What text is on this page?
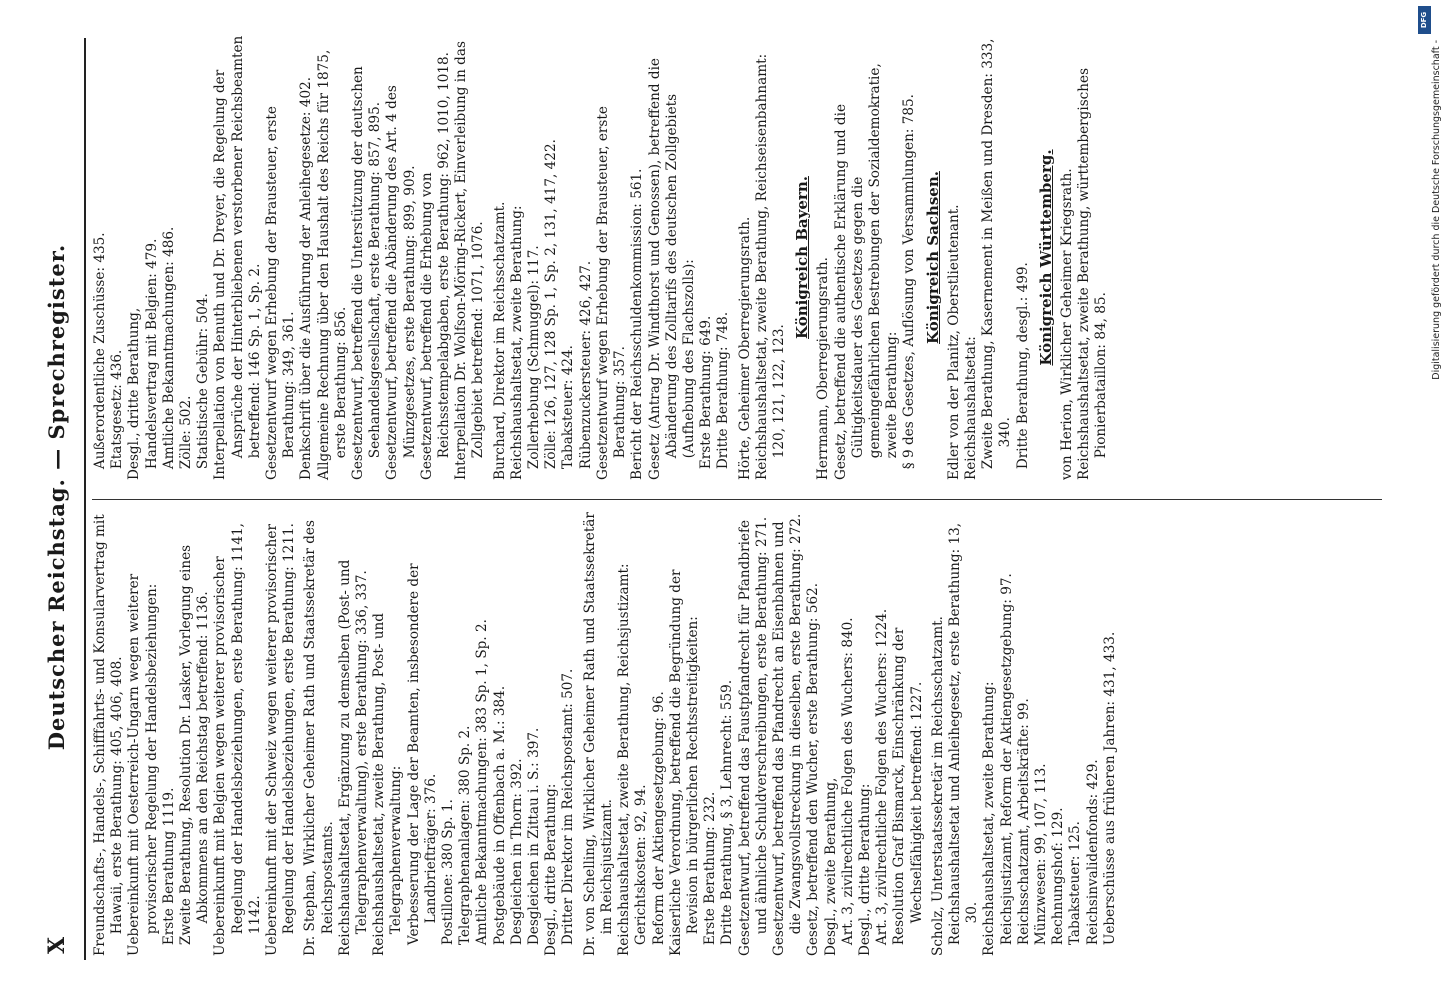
X
Deutscher Reichstag. — Sprechregister. Freundschafts-, Handels-, Schifffahrts- und Konsularvertrag mit Hawaii, erste Berathung: 405, 406, 408. Uebereinkunft mit Oesterreich-Ungarn wegen weiterer provisorischer Regelung der Handelsbeziehungen: Erste Berathung 1119. Zweite Berathung, Resolution Dr. Lasker, Vorlegung eines Abkommens an den Reichstag betreffend: 1136. Uebereinkunft mit Belgien wegen weiterer provisorischer Regelung der Handelsbeziehungen, erste Berathung: 1141, 1142. Uebereinkunft mit der Schweiz wegen weiterer provisorischer Regelung der Handelsbeziehungen, erste Berathung: 1211. Dr. Stephan, Wirklicher Geheimer Rath und Staatssekretär des Reichspostamts. Reichshaushaltsetat, Ergänzung zu demselben (Post- und Telegraphenverwaltung), erste Berathung: 336, 337. Reichshaushaltsetat, zweite Berathung, Post- und Telegraphenverwaltung: Verbesserung der Lage der Beamten, insbesondere der Landbriefträger: 376. Postillone: 380 Sp. 1. Telegraphenanlagen: 380 Sp. 2. Amtliche Bekanntmachungen: 383 Sp. 1, Sp. 2. Postgebäude in Offenbach a. M.: 384. Desgleichen in Thorn: 392. Desgleichen in Zittau i. S.: 397. Desgl., dritte Berathung: Dritter Direktor im Reichspostamt: 507. Dr. von Schelling, Wirklicher Geheimer Rath und Staatssekretär im Reichsjustizamt. Reichshaushaltsetat, zweite Berathung, Reichsjustizamt: Gerichtskosten: 92, 94. Reform der Aktiengesetzgebung: 96. Kaiserliche Verordnung, betreffend die Begründung der Revision in bürgerlichen Rechtsstreitigkeiten: Erste Berathung: 232. Dritte Berathung, § 3, Lehnrecht: 559. Gesetzentwurf, betreffend das Faustpfandrecht für Pfandbriefe und ähnliche Schuldverschreibungen, erste Berathung: 271. Gesetzentwurf, betreffend das Pfandrecht an Eisenbahnen und die Zwangsvollstreckung in dieselben, erste Berathung: 272. Gesetz, betreffend den Wucher, erste Berathung: 562. Desgl., zweite Berathung, Art. 3, zivilrechtliche Folgen des Wuchers: 840. Desgl., dritte Berathung: Art. 3, zivilrechtliche Folgen des Wuchers: 1224. Resolution Graf Bismarck, Einschränkung der Wechselfähigkeit betreffend: 1227. Scholz, Unterstaatssekretär im Reichsschatzamt. Reichshaushaltsetat und Anleihegesetz, erste Berathung: 13, 30. Reichshaushaltsetat, zweite Berathung: Reichsjustizamt, Reform der Aktiengesetzgebung: 97. Reichsschatzamt, Arbeitskräfte: 99. Münzwesen: 99, 107, 113. Rechnungshof: 129. Tabaksteuer: 125. Reichsinvalidenfonds: 429. Ueberschüsse aus früheren Jahren: 431, 433.
Außerordentliche Zuschüsse: 435. Etatsgesetz: 436. Desgl., dritte Berathung, Handelsvertrag mit Belgien: 479. Amtliche Bekanntmachungen: 486. Zölle: 502. Statistische Gebühr: 504. Interpellation von Benuth und Dr. Dreyer, die Regelung der Ansprüche der Hinterbliebenen verstorbener Reichsbeamten betreffend: 146 Sp. 1, Sp. 2. Gesetzentwurf wegen Erhebung der Brausteuer, erste Berathung: 349, 361. Denkschrift über die Ausführung der Anleihegesetze: 402. Allgemeine Rechnung über den Haushalt des Reichs für 1875, erste Berathung: 856. Gesetzentwurf, betreffend die Unterstützung der deutschen Seehandelsgesellschaft, erste Berathung: 857, 895. Gesetzentwurf, betreffend die Abänderung des Art. 4 des Münzgesetzes, erste Berathung: 899, 909. Gesetzentwurf, betreffend die Erhebung von Reichsstempelabgaben, erste Berathung: 962, 1010, 1018. Interpellation Dr. Wolfson-Möring-Rickert, Einverleibung in das Zollgebiet betreffend: 1071, 1076. Burchard, Direktor im Reichsschatzamt. Reichshaushaltsetat, zweite Berathung: Zollerhebung (Schmuggel): 117. Zölle: 126, 127, 128 Sp. 1, Sp. 2, 131, 417, 422. Tabaksteuer: 424. Rübenzuckersteuer: 426, 427. Gesetzentwurf wegen Erhebung der Brausteuer, erste Berathung: 357. Bericht der Reichsschuldenkommission: 561. Gesetz (Antrag Dr. Windthorst und Genossen), betreffend die Abänderung des Zolltarifs des deutschen Zollgebiets (Aufhebung des Flachszolls): Erste Berathung: 649. Dritte Berathung: 748. Hörte, Geheimer Oberregierungsrath. Reichshaushaltsetat, zweite Berathung, Reichseisenbahnamt: 120, 121, 122, 123.
Königreich Bayern. Herrmann, Oberregierungsrath. Gesetz, betreffend die authentische Erklärung und die Gültigkeitsdauer des Gesetzes gegen die gemeingefährlichen Bestrebungen der Sozialdemokratie, zweite Berathung: § 9 des Gesetzes, Auflösung von Versammlungen: 785. Königreich Sachsen. Edler von der Planitz, Oberstlieutenant. Reichshaushaltsetat: Zweite Berathung, Kasernement in Meißen und Dresden: 333, 340. Dritte Berathung, desgl.: 499.
Königreich Württemberg. von Herion, Wirklicher Geheimer Kriegsrath. Reichshaushaltsetat, zweite Berathung, württembergisches Pionierbataillon: 84, 85.
DFG
Digitalisierung gefördert durch die Deutsche Forschungsgemeinschaft -
